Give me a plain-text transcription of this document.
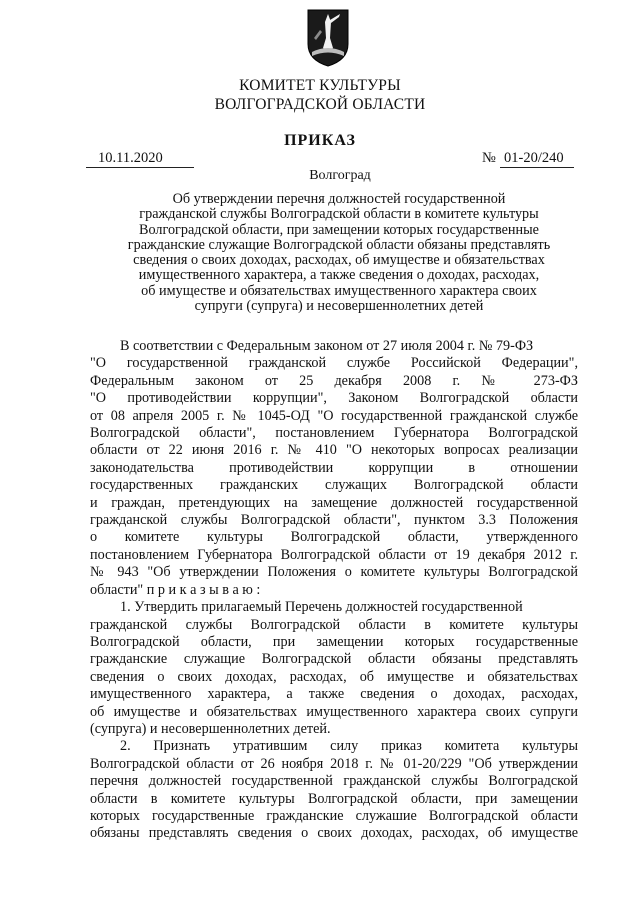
КОМИТЕТ КУЛЬТУРЫ
ВОЛГОГРАДСКОЙ ОБЛАСТИ
ПРИКАЗ
10.11.2020	№ 01-20/240
Волгоград
Об утверждении перечня должностей государственной
гражданской службы Волгоградской области в комитете культуры
Волгоградской области, при замещении которых государственные
гражданские служащие Волгоградской области обязаны представлять
сведения о своих доходах, расходах, об имуществе и обязательствах
имущественного характера, а также сведения о доходах, расходах,
об имуществе и обязательствах имущественного характера своих
супруги (супруга) и несовершеннолетних детей
В соответствии с Федеральным законом от 27 июля 2004 г. № 79-ФЗ
"О государственной гражданской службе Российской Федерации",
Федеральным законом от 25 декабря 2008 г. № 273-ФЗ
"О противодействии коррупции", Законом Волгоградской области
от 08 апреля 2005 г. № 1045-ОД "О государственной гражданской службе
Волгоградской области", постановлением Губернатора Волгоградской
области от 22 июня 2016 г. № 410 "О некоторых вопросах реализации
законодательства противодействии коррупции в отношении
государственных гражданских служащих Волгоградской области
и граждан, претендующих на замещение должностей государственной
гражданской службы Волгоградской области", пунктом 3.3 Положения
о комитете культуры Волгоградской области, утвержденного
постановлением Губернатора Волгоградской области от 19 декабря 2012 г.
№ 943 "Об утверждении Положения о комитете культуры Волгоградской
области" п р и к а з ы в а ю :
1. Утвердить прилагаемый Перечень должностей государственной
гражданской службы Волгоградской области в комитете культуры
Волгоградской области, при замещении которых государственные
гражданские служащие Волгоградской области обязаны представлять
сведения о своих доходах, расходах, об имуществе и обязательствах
имущественного характера, а также сведения о доходах, расходах,
об имуществе и обязательствах имущественного характера своих супруги
(супруга) и несовершеннолетних детей.
2. Признать утратившим силу приказ комитета культуры
Волгоградской области от 26 ноября 2018 г. № 01-20/229 "Об утверждении
перечня должностей государственной гражданской службы Волгоградской
области в комитете культуры Волгоградской области, при замещении
которых государственные гражданские служашие Волгоградской области
обязаны представлять сведения о своих доходах, расходах, об имуществе
